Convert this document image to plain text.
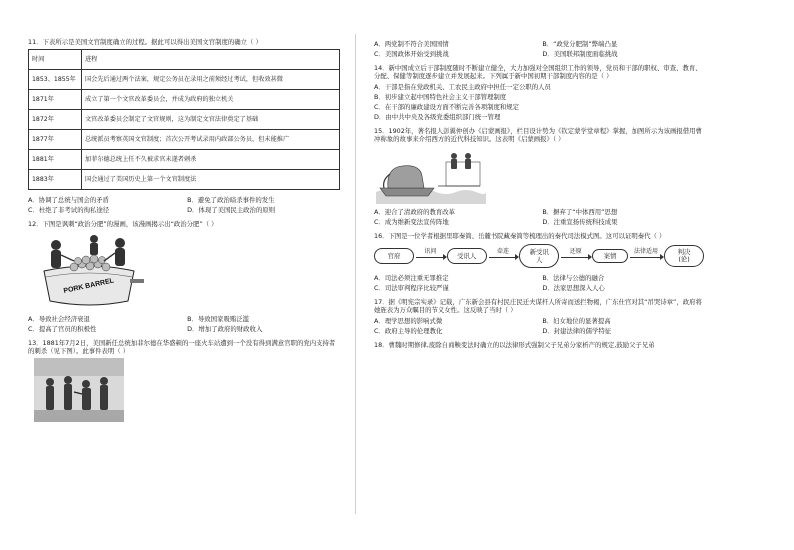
11．下表所示是美国文官制度确立的过程。据此可以得出美国文官制度的确立（ ）

时间	进程
1853、1855年	国会先后通过两个法案，规定公务员在录用之前须经过考试，但收效甚微
1871年	成立了第一个文官改革委员会，并成为政府的独立机关
1872年	文官改革委员会制定了文官规则，这为制定文官法律奠定了基础
1877年	总统派员考察英国文官制度；首次公开考试录用内政部公务员，但未能推广
1881年	加菲尔德总统上任不久被求官未遂者刺杀
1883年	国会通过了美国历史上第一个文官制度法
A．协调了总统与国会的矛盾	B．避免了政治暗杀事件的发生
C．杜绝了非考试的徇私途径	D．体现了美国民主政治的原则

12．下图是讽刺“政治分肥”的漫画，该漫画揭示出“政治分肥”（ ）

PORK BARREL
A．导致社会经济衰退	B．导致国家吸贿泛滥
C．提高了官员的积极性	D．增加了政府的财政收入

13．1881年7月2日，美国新任总统加菲尔德在华盛顿的一座火车站遭到一个没有得到满意官职的党内支持者的刺杀（见下图）。此事件表明（ ）

A．两党制不符合美国国情	B．“政党分肥制”弊端凸显
C．美国政体开始受到挑战	D．美国联邦制度面临挑战

14．新中国成立后干部制度随时不断建立健全，大力加强对全国组织工作的领导，党员和干部的职权、审查、教育、分配、保健等制度逐步建立并发展起来。下列属于新中国初期干部制度内容的是（ ）

A．干部是指在党政机关、工农民主政府中担任一定公职的人员
B．初步建立起中国特色社会主义干部管理制度
C．在干部的廉政建设方面不断完善各项制度和规定
D．由中共中央及各级党委组织部门统一管理

15．1902年，著名报人彭翼仲创办《启蒙画报》，栏目设计势为《钦定蒙学堂章程》掌握，加图所示为该画报借用曹冲称象的故事来介绍西方的近代科技知识。这表明《启蒙画报》（ ）

A．迎合了清政府的教育改革	B．摒弃了“中体西用”思想
C．成为维新变法宣传阵地	D．注重宣扬传统科技成果

16．下图是一位学者根据里耶秦简、岳麓书院藏秦简等梳理出的秦代司法模式图。这可以证明秦代（ ）

官府
讯问
受讯人
牵连	新受讯人
还原
案情
法律适用	判决
(论)
A．司法必须注重无罪推定	B．法律与公德的融合
C．司法审判程序比较严谨	D．法家思想深入人心

17．据《明宪宗实录》记载，广东新会县有村民庄民迁夫谋杆人所寄而送拦物褐，广东仕官对其“吊哭诗章”，政府将她旌表为万众瞩目的节义女性。这反映了当时（ ）

A．理学思想的影响式微	B．妇女地位的显著提高
C．政府主导的伦理教化	D．封建法律的儒学特征

18．曹魏时期修律,废除自商鞅变法时确立的以法律形式强制父子兄弟分家析产的规定,鼓励父子兄弟
